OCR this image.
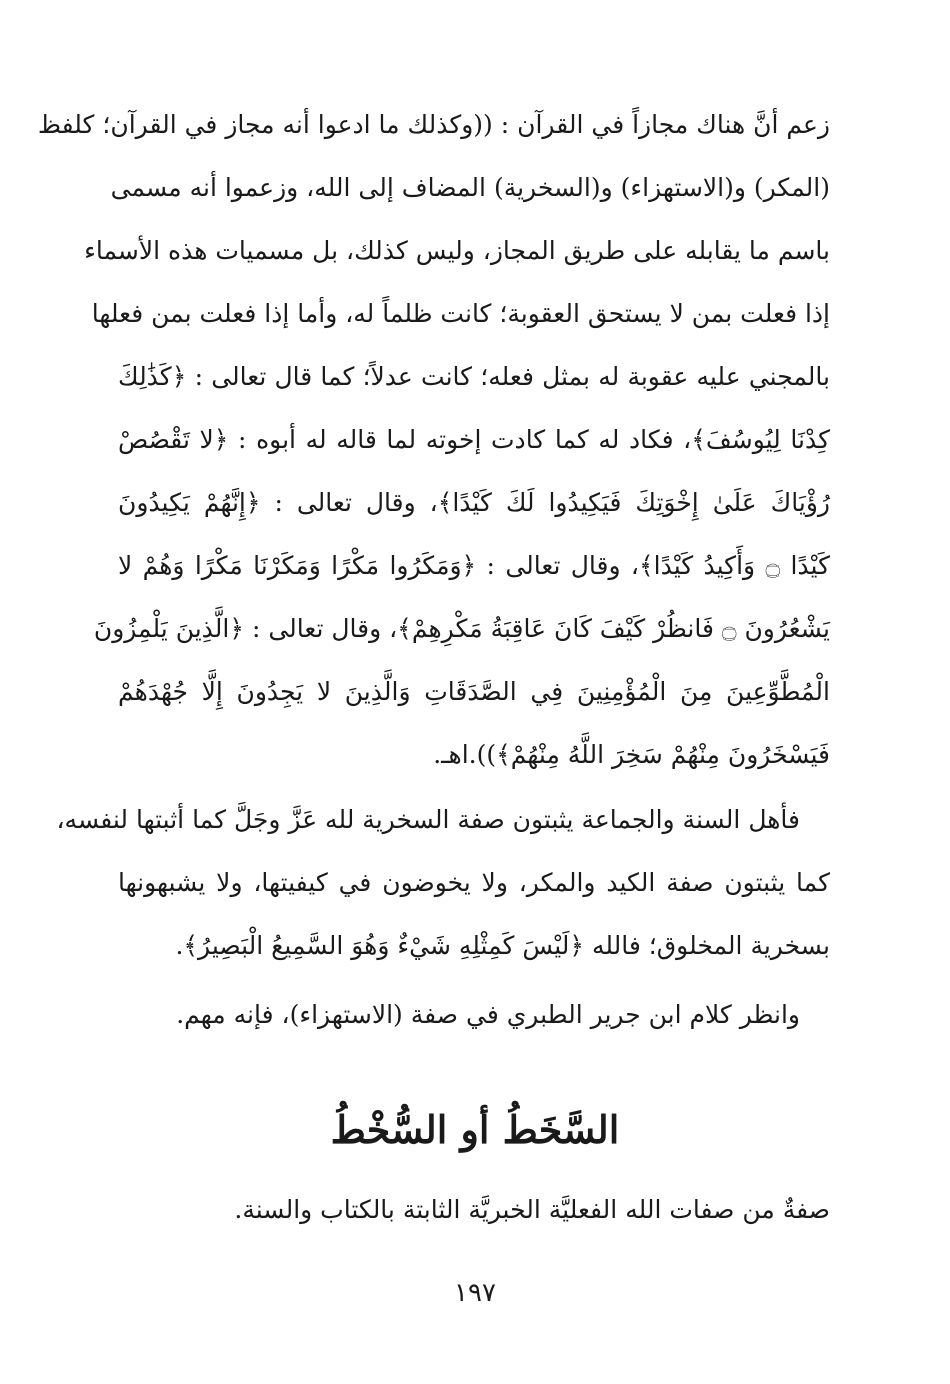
زعم أنَّ هناك مجازاً في القرآن : ((وكذلك ما ادعوا أنه مجاز في القرآن؛ كلفظ
(المكر) و(الاستهزاء) و(السخرية) المضاف إلى الله، وزعموا أنه مسمى
باسم ما يقابله على طريق المجاز، وليس كذلك، بل مسميات هذه الأسماء
إذا فعلت بمن لا يستحق العقوبة؛ كانت ظلماً له، وأما إذا فعلت بمن فعلها
بالمجني عليه عقوبة له بمثل فعله؛ كانت عدلاً؛ كما قال تعالى : ﴿كَذَٰلِكَ
كِدْنَا لِيُوسُفَ﴾، فكاد له كما كادت إخوته لما قاله له أبوه : ﴿لا تَقْصُصْ
رُؤْيَاكَ عَلَىٰ إِخْوَتِكَ فَيَكِيدُوا لَكَ كَيْدًا﴾، وقال تعالى : ﴿إِنَّهُمْ يَكِيدُونَ
كَيْدًا ۝ وَأَكِيدُ كَيْدًا﴾، وقال تعالى : ﴿وَمَكَرُوا مَكْرًا وَمَكَرْنَا مَكْرًا وَهُمْ لا
يَشْعُرُونَ ۝ فَانظُرْ كَيْفَ كَانَ عَاقِبَةُ مَكْرِهِمْ﴾، وقال تعالى : ﴿الَّذِينَ يَلْمِزُونَ
الْمُطَّوِّعِينَ مِنَ الْمُؤْمِنِينَ فِي الصَّدَقَاتِ وَالَّذِينَ لا يَجِدُونَ إِلَّا جُهْدَهُمْ
فَيَسْخَرُونَ مِنْهُمْ سَخِرَ اللَّهُ مِنْهُمْ﴾)).اهـ.
فأهل السنة والجماعة يثبتون صفة السخرية لله عَزَّ وجَلَّ كما أثبتها لنفسه،
كما يثبتون صفة الكيد والمكر، ولا يخوضون في كيفيتها، ولا يشبهونها
بسخرية المخلوق؛ فالله ﴿لَيْسَ كَمِثْلِهِ شَيْءٌ وَهُوَ السَّمِيعُ الْبَصِيرُ﴾.
وانظر كلام ابن جرير الطبري في صفة (الاستهزاء)، فإنه مهم.
السَّخَطُ أو السُّخْطُ
صفةٌ من صفات الله الفعليَّة الخبريَّة الثابتة بالكتاب والسنة.
١٩٧
